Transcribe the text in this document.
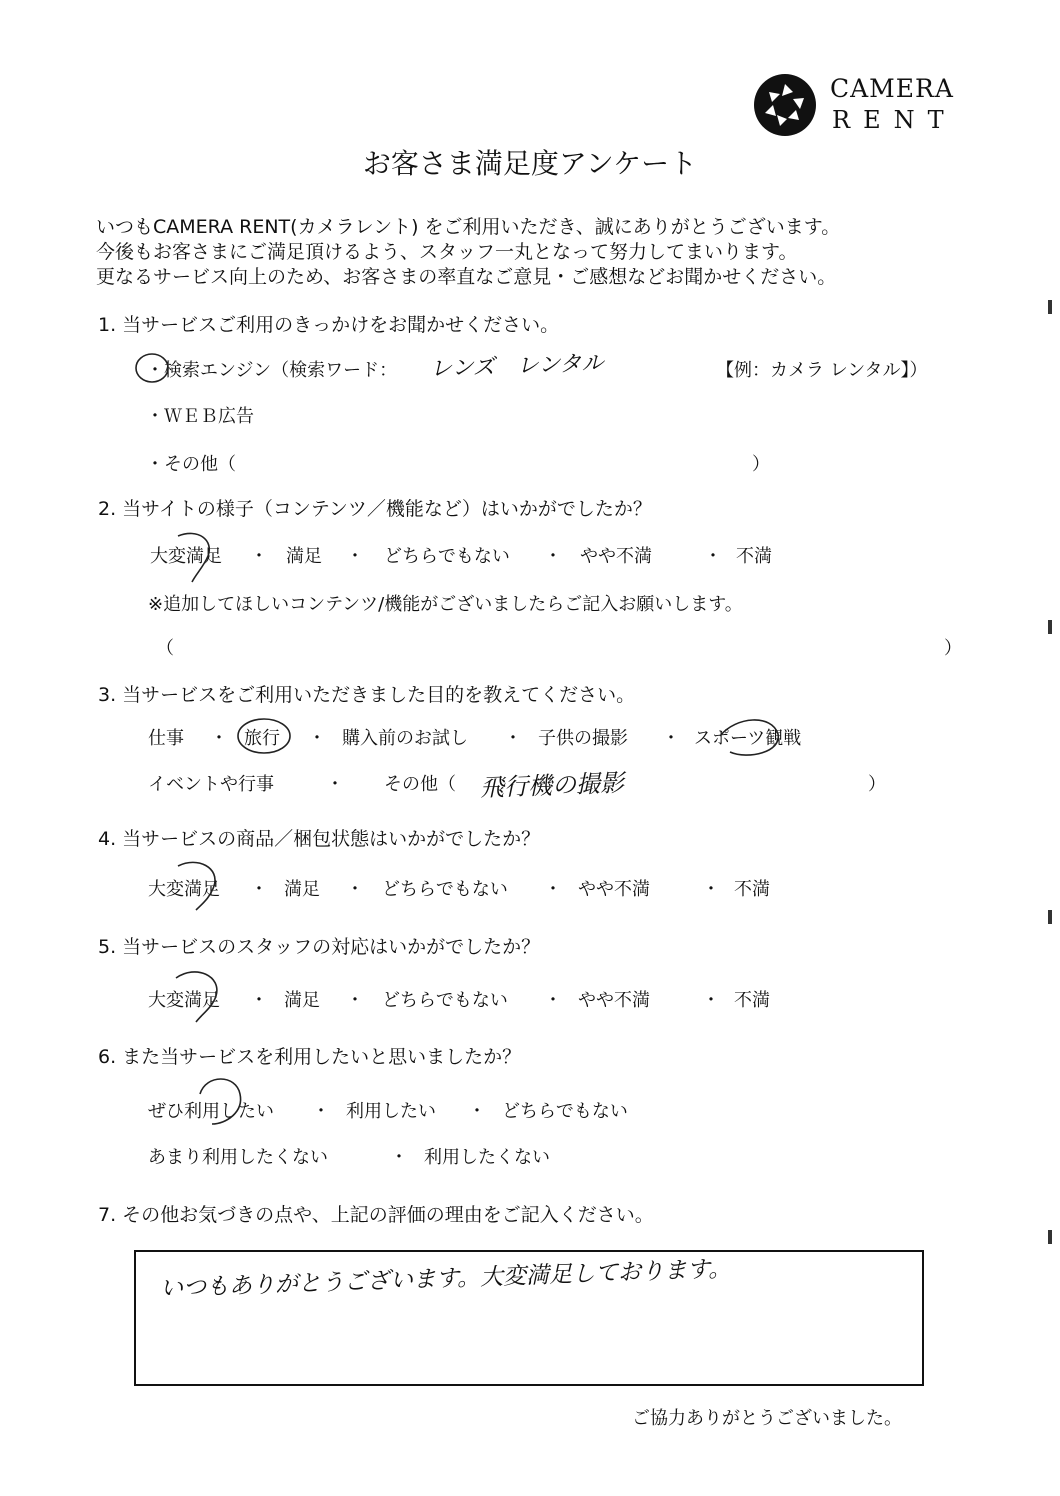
CAMERA
RENT
お客さま満足度アンケート
いつもCAMERA RENT(カメラレント) をご利用いただき、誠にありがとうございます。
今後もお客さまにご満足頂けるよう、スタッフ一丸となって努力してまいります。
更なるサービス向上のため、お客さまの率直なご意見・ご感想などお聞かせください。
1. 当サービスご利用のきっかけをお聞かせください。
・検索エンジン（検索ワード： レンズ　レンタル	【例：カメラ レンタル】）
・ＷＥＢ広告
・その他（	）
2. 当サイトの様子（コンテンツ／機能など）はいかがでしたか？
大変満足 ・ 満足 ・ どちらでもない ・ やや不満	・ 不満
※追加してほしいコンテンツ/機能がございましたらご記入お願いします。
（	）
3. 当サービスをご利用いただきました目的を教えてください。
仕事 ・ 旅行 ・ 購入前のお試し ・ 子供の撮影 ・ スポーツ観戦
イベントや行事	・ その他（ 飛行機の撮影	）
4. 当サービスの商品／梱包状態はいかがでしたか？
大変満足 ・ 満足 ・ どちらでもない ・ やや不満	・ 不満
5. 当サービスのスタッフの対応はいかがでしたか？
大変満足 ・ 満足 ・ どちらでもない ・ やや不満	・ 不満
6. また当サービスを利用したいと思いましたか？
ぜひ利用したい ・ 利用したい ・ どちらでもない
あまり利用したくない	・ 利用したくない
7. その他お気づきの点や、上記の評価の理由をご記入ください。
いつもありがとうございます。大変満足しております。
ご協力ありがとうございました。
